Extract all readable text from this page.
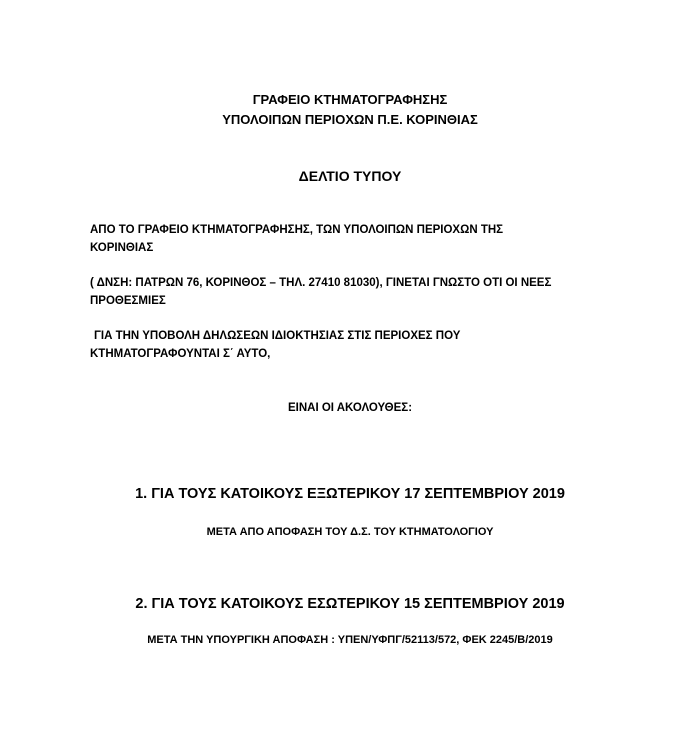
ΓΡΑΦΕΙΟ ΚΤΗΜΑΤΟΓΡΑΦΗΣΗΣ
ΥΠΟΛΟΙΠΩΝ ΠΕΡΙΟΧΩΝ Π.Ε. ΚΟΡΙΝΘΙΑΣ
ΔΕΛΤΙΟ ΤΥΠΟΥ
ΑΠΟ ΤΟ ΓΡΑΦΕΙΟ ΚΤΗΜΑΤΟΓΡΑΦΗΣΗΣ, ΤΩΝ ΥΠΟΛΟΙΠΩΝ ΠΕΡΙΟΧΩΝ ΤΗΣ
ΚΟΡΙΝΘΙΑΣ
( ΔΝΣΗ: ΠΑΤΡΩΝ 76, ΚΟΡΙΝΘΟΣ – ΤΗΛ. 27410 81030), ΓΙΝΕΤΑΙ ΓΝΩΣΤΟ ΟΤΙ ΟΙ ΝΕΕΣ
ΠΡΟΘΕΣΜΙΕΣ
ΓΙΑ ΤΗΝ ΥΠΟΒΟΛΗ ΔΗΛΩΣΕΩΝ ΙΔΙΟΚΤΗΣΙΑΣ ΣΤΙΣ ΠΕΡΙΟΧΕΣ ΠΟΥ
ΚΤΗΜΑΤΟΓΡΑΦΟΥΝΤΑΙ Σ΄ ΑΥΤΟ,
ΕΙΝΑΙ ΟΙ ΑΚΟΛΟΥΘΕΣ:
1. ΓΙΑ ΤΟΥΣ ΚΑΤΟΙΚΟΥΣ ΕΞΩΤΕΡΙΚΟΥ 17 ΣΕΠΤΕΜΒΡΙΟΥ 2019
ΜΕΤΑ ΑΠΟ ΑΠΟΦΑΣΗ ΤΟΥ Δ.Σ. ΤΟΥ ΚΤΗΜΑΤΟΛΟΓΙΟΥ
2. ΓΙΑ ΤΟΥΣ ΚΑΤΟΙΚΟΥΣ ΕΣΩΤΕΡΙΚΟΥ 15 ΣΕΠΤΕΜΒΡΙΟΥ 2019
ΜΕΤΑ ΤΗΝ ΥΠΟΥΡΓΙΚΗ ΑΠΟΦΑΣΗ : ΥΠΕΝ/ΥΦΠΓ/52113/572, ΦΕΚ 2245/Β/2019
